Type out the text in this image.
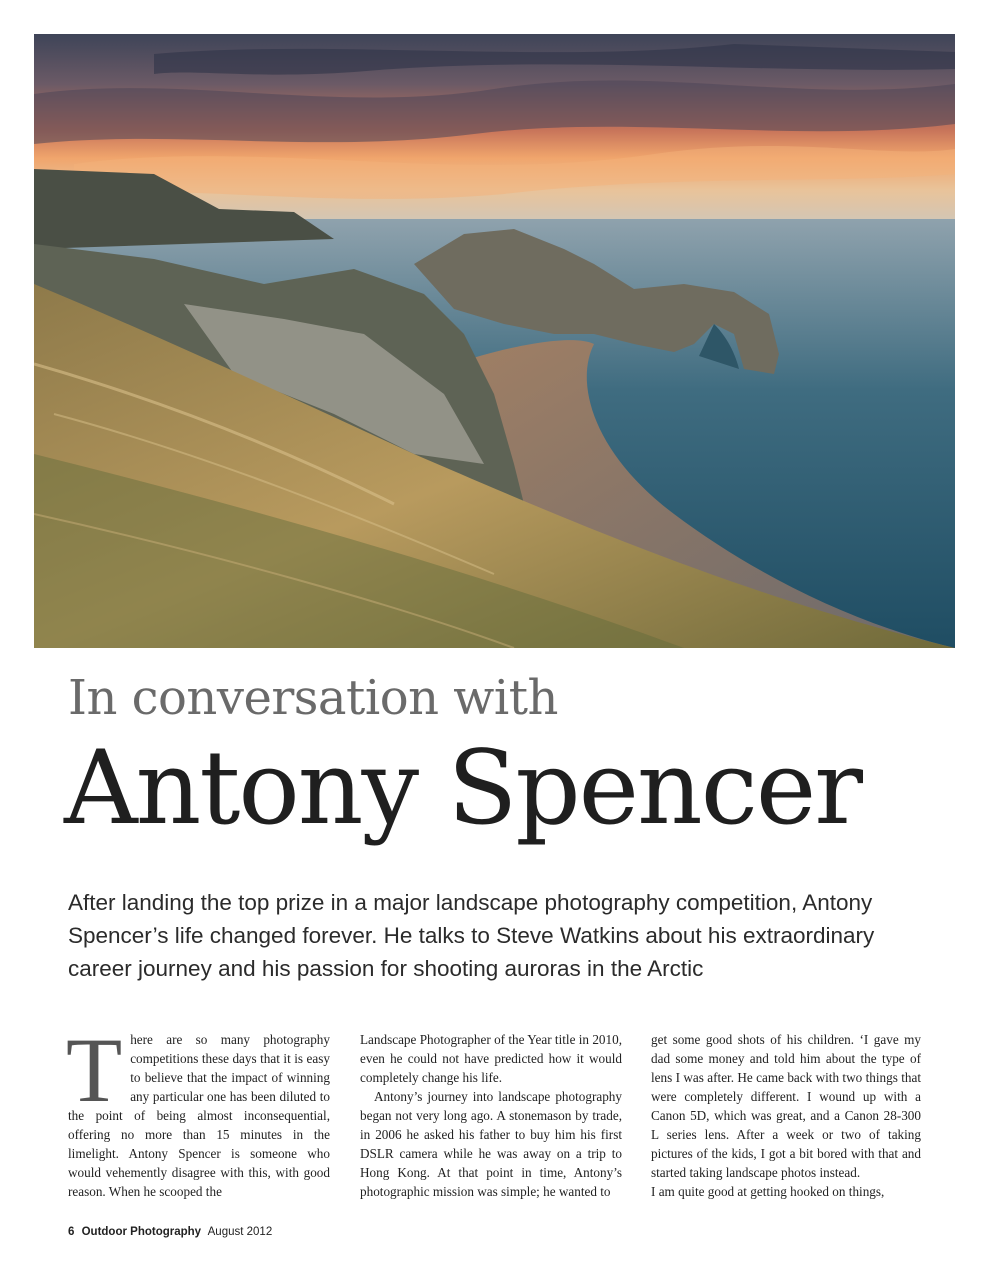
In conversation with
Antony Spencer
After landing the top prize in a major landscape photography competition, Antony Spencer’s life changed forever. He talks to Steve Watkins about his extraordinary career journey and his passion for shooting auroras in the Arctic

There are so many photography competitions these days that it is easy to believe that the impact of winning any particular one has been diluted to the point of being almost inconsequential, offering no more than 15 minutes in the limelight. Antony Spencer is someone who would vehemently disagree with this, with good reason. When he scooped the

Landscape Photographer of the Year title in 2010, even he could not have predicted how it would completely change his life.

Antony’s journey into landscape photography began not very long ago. A stonemason by trade, in 2006 he asked his father to buy him his first DSLR camera while he was away on a trip to Hong Kong. At that point in time, Antony’s photographic mission was simple; he wanted to

get some good shots of his children. ‘I gave my dad some money and told him about the type of lens I was after. He came back with two things that were completely different. I wound up with a Canon 5D, which was great, and a Canon 28-300 L series lens. After a week or two of taking pictures of the kids, I got a bit bored with that and started taking landscape photos instead.

I am quite good at getting hooked on things,

6 Outdoor Photography August 2012
